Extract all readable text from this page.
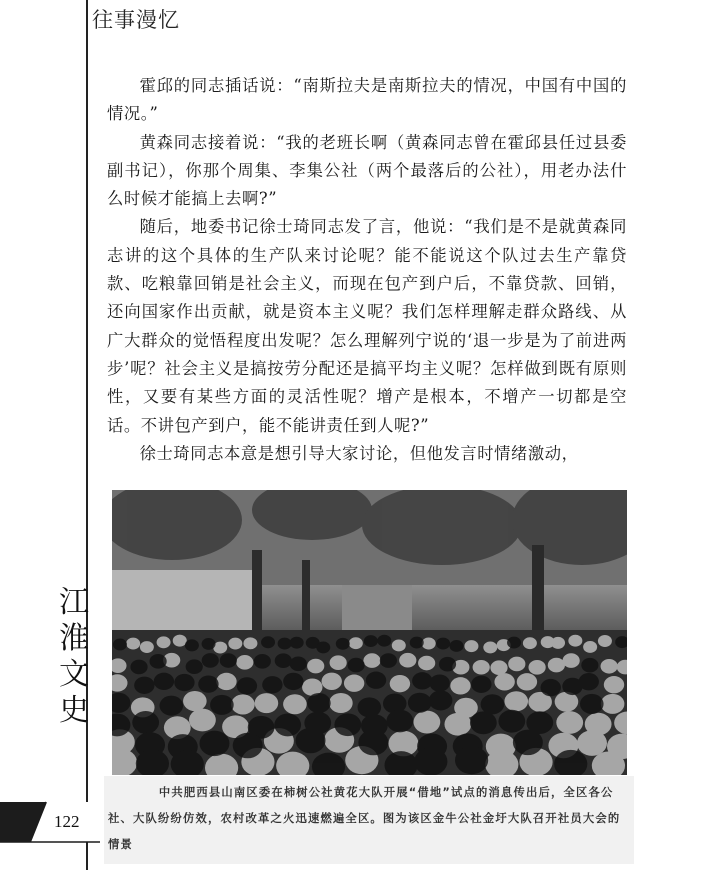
往事漫忆
江
淮
文
史
122

霍邱的同志插话说：“南斯拉夫是南斯拉夫的情况，中国有中国的情况。”

黄森同志接着说：“我的老班长啊（黄森同志曾在霍邱县任过县委副书记），你那个周集、李集公社（两个最落后的公社），用老办法什么时候才能搞上去啊?”

随后，地委书记徐士琦同志发了言，他说：“我们是不是就黄森同志讲的这个具体的生产队来讨论呢？能不能说这个队过去生产靠贷款、吃粮靠回销是社会主义，而现在包产到户后，不靠贷款、回销，还向国家作出贡献，就是资本主义呢？我们怎样理解走群众路线、从广大群众的觉悟程度出发呢？怎么理解列宁说的‘退一步是为了前进两步’呢？社会主义是搞按劳分配还是搞平均主义呢？怎样做到既有原则性，又要有某些方面的灵活性呢？增产是根本，不增产一切都是空话。不讲包产到户，能不能讲责任到人呢?”

徐士琦同志本意是想引导大家讨论，但他发言时情绪激动，

中共肥西县山南区委在柿树公社黄花大队开展“借地”试点的消息传出后，全区各公社、大队纷纷仿效，农村改革之火迅速燃遍全区。图为该区金牛公社金圩大队召开社员大会的情景
